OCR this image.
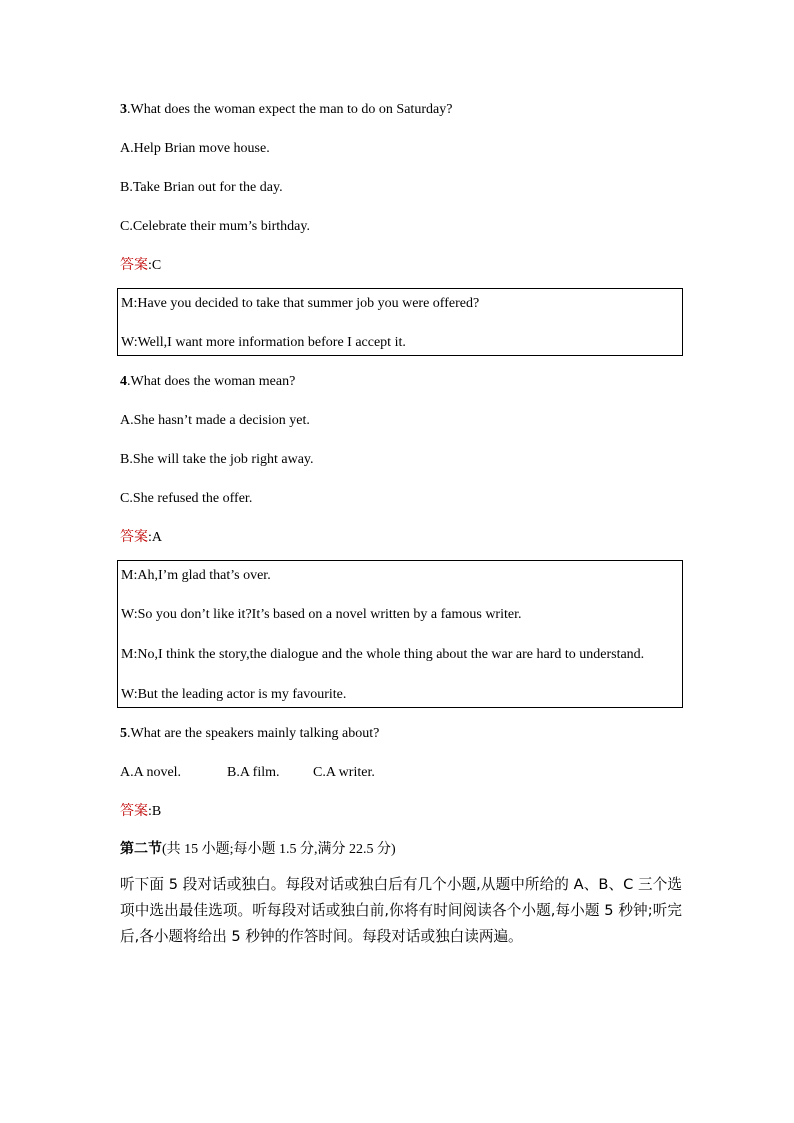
3.What does the woman expect the man to do on Saturday?

A.Help Brian move house.

B.Take Brian out for the day.

C.Celebrate their mum’s birthday.

答案:C

M:Have you decided to take that summer job you were offered?

W:Well,I want more information before I accept it.

4.What does the woman mean?

A.She hasn’t made a decision yet.

B.She will take the job right away.

C.She refused the offer.

答案:A

M:Ah,I’m glad that’s over.

W:So you don’t like it?It’s based on a novel written by a famous writer.

M:No,I think the story,the dialogue and the whole thing about the war are hard to understand.

W:But the leading actor is my favourite.

5.What are the speakers mainly talking about?

A.A novel.	B.A film. C.A writer.

答案:B

第二节(共 15 小题;每小题 1.5 分,满分 22.5 分)

听下面 5 段对话或独白。每段对话或独白后有几个小题,从题中所给的 A、B、C 三个选项中选出最佳选项。听每段对话或独白前,你将有时间阅读各个小题,每小题 5 秒钟;听完后,各小题将给出 5 秒钟的作答时间。每段对话或独白读两遍。
